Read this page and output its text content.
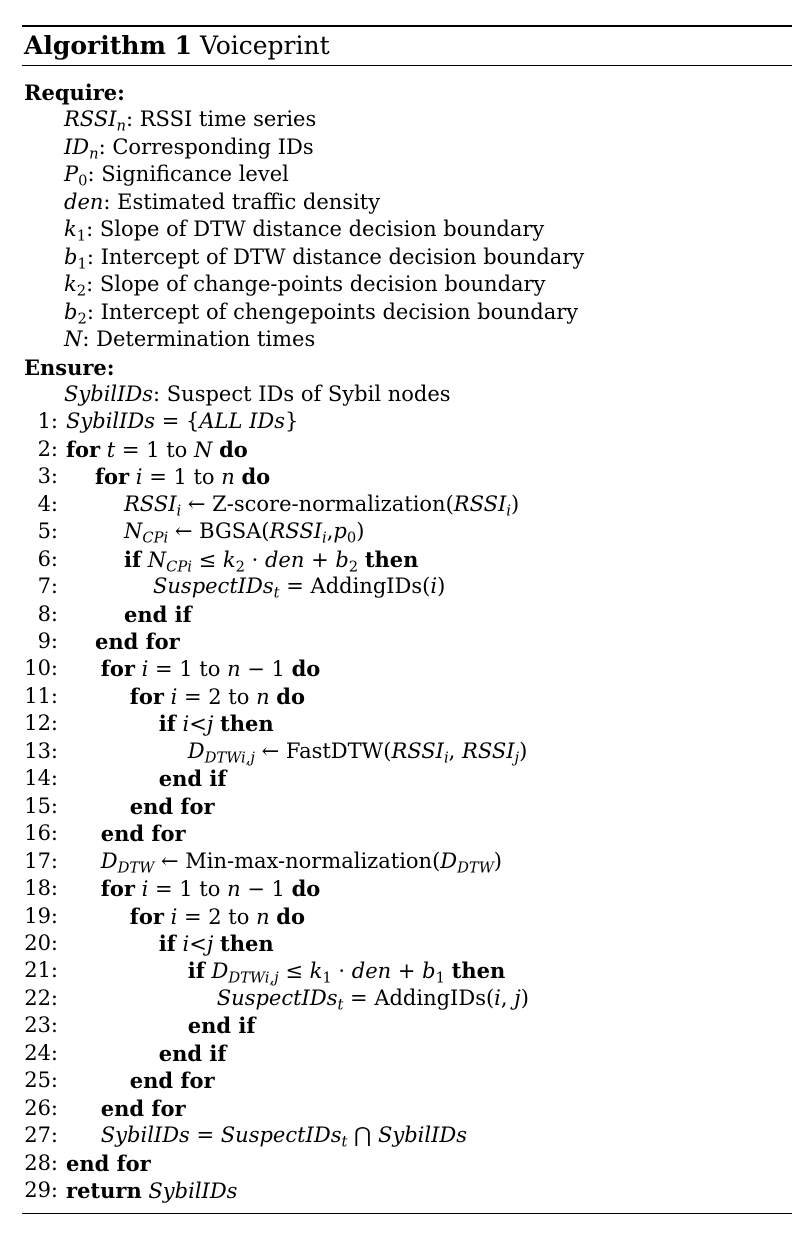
Algorithm 1 Voiceprint
Require:
$RSSI_n$: RSSI time series
$ID_n$: Corresponding IDs
$P_0$: Significance level
den: Estimated traffic density
$k_1$: Slope of DTW distance decision boundary
$b_1$: Intercept of DTW distance decision boundary
$k_2$: Slope of change-points decision boundary
$b_2$: Intercept of chengepoints decision boundary
N: Determination times
Ensure:
SybilIDs: Suspect IDs of Sybil nodes
1: SybilIDs = {ALL IDs}
2: for t = 1 to N do
3: for i = 1 to n do
4:	$RSSI_i$ ← $Z-score-normalization(RSSI_i)$
5:	$N_{CPi}$ ← $BGSA(RSSI_i,p_0)$
6:	if $N_{CPi} \le k_2$ · den + $b_2$ then
7:	SuspectIDs$_t$ = AddingIDs(i)
8:	end if
9: end for
10: for i = 1 to n − 1 do
11:	for i = 2 to n do
12:	if i<j then
13:	$D_{DTWi,j}$ ← $FastDTW(RSSI_i$, $RSSI_j$)
14:	end if
15:	end for
16: end for
17: $D_{DTW}$ ← Min-$\max-normalization(D_{DTW})$
18: for i = 1 to n − 1 do
19:	for i = 2 to n do
20:	if i<j then
21:	if $D_{DTWi,j} \le k_1$ · den + $b_1$ then
22:	SuspectIDs$_t$ = AddingIDs(i, j)
23:	end if
24:	end if
25:	end for
26: end for
27: SybilIDs = SuspectIDs$_t$ ⋂ SybilIDs
28: end for
29: return SybilIDs
